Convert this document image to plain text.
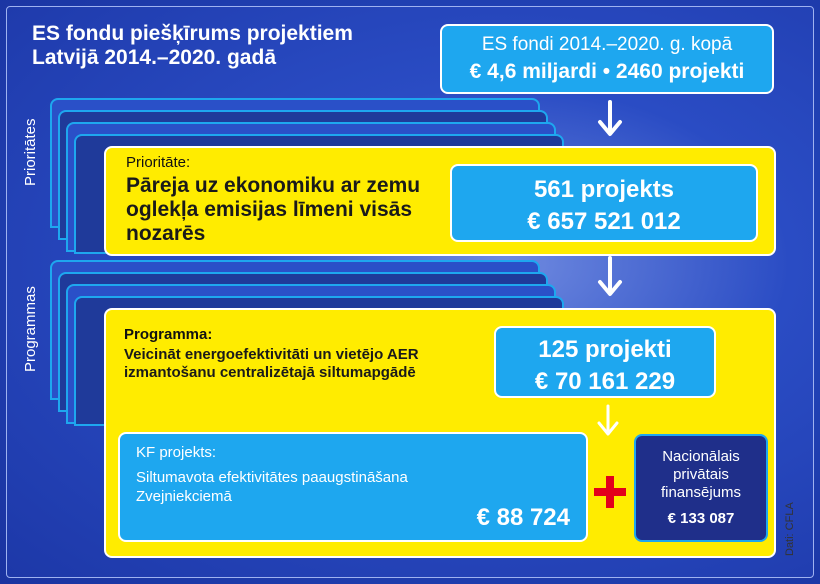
ES fondu piešķīrums projektiem
Latvijā 2014.–2020. gadā
ES fondi 2014.–2020. g. kopā
€ 4,6 miljardi • 2460 projekti
Prioritātes	Prioritāte:
Pāreja uz ekonomiku ar zemu oglekļa emisijas līmeni visās nozarēs
561 projekts
€ 657 521 012
Programmas	Programma:
Veicināt energoefektivitāti un vietējo AER izmantošanu centralizētajā siltumapgādē
125 projekti
€ 70 161 229
KF projekts:
Siltumavota efektivitātes paaugstināšana Zvejniekciemā
€ 88 724
Nacionālais
privātais
finansējums
€ 133 087	Dati: CFLA
